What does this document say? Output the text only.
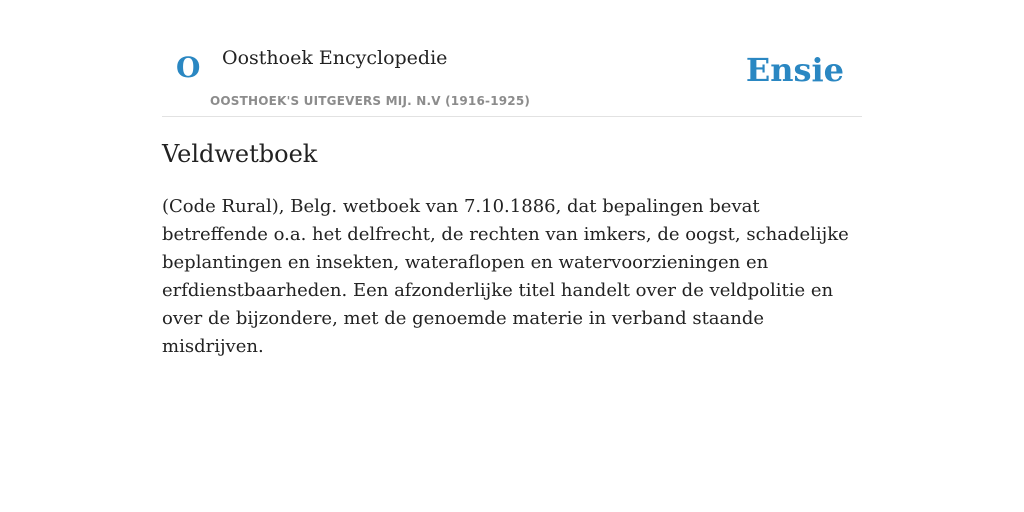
O Oosthoek Encyclopedie
OOSTHOEK'S UITGEVERS MIJ. N.V (1916-1925)
Ensie
Veldwetboek

(Code Rural), Belg. wetboek van 7.10.1886, dat bepalingen bevat betreffende o.a. het delfrecht, de rechten van imkers, de oogst, schadelijke beplantingen en insekten, wateraflopen en watervoorzieningen en erfdienstbaarheden. Een afzonderlijke titel handelt over de veldpolitie en over de bijzondere, met de genoemde materie in verband staande misdrijven.
